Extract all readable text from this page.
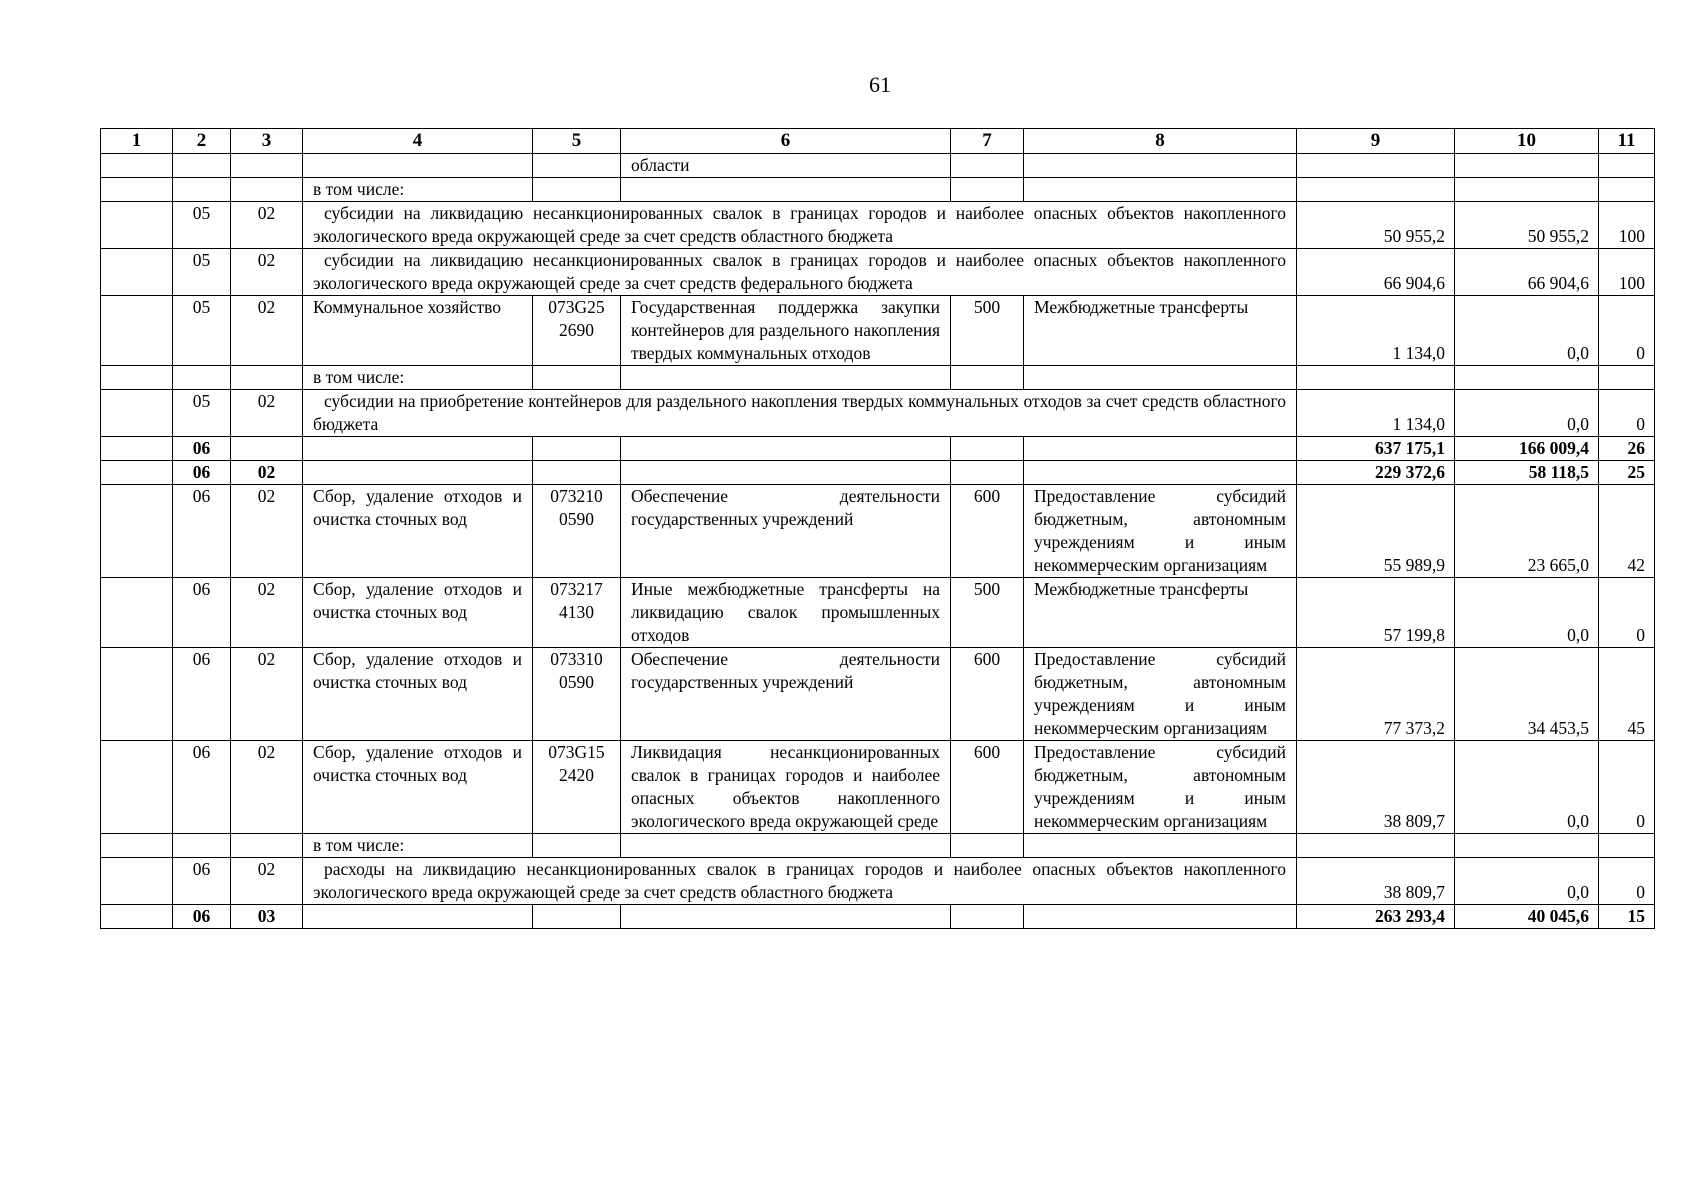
61
1	2	3	4	5	6	7	8	9	10	11
					области					
			в том числе:							
	05	02	субсидии на ликвидацию несанкционированных свалок в границах городов и наиболее опасных объектов накопленного экологического вреда окружающей среде за счет средств областного бюджета					50 955,2	50 955,2	100
	05	02	субсидии на ликвидацию несанкционированных свалок в границах городов и наиболее опасных объектов накопленного экологического вреда окружающей среде за счет средств федерального бюджета					66 904,6	66 904,6	100
	05	02	Коммунальное хозяйство	073G25 2690	Государственная поддержка закупки контейнеров для раздельного накопления твердых коммунальных отходов	500	Межбюджетные трансферты	1 134,0	0,0	0
			в том числе:							
	05	02	субсидии на приобретение контейнеров для раздельного накопления твердых коммунальных отходов за счет средств областного бюджета					1 134,0	0,0	0
	06							637 175,1	166 009,4	26
	06	02						229 372,6	58 118,5	25
	06	02	Сбор, удаление отходов и очистка сточных вод	073210 0590	Обеспечение деятельности государственных учреждений	600	Предоставление субсидий бюджетным, автономным учреждениям и иным некоммерческим организациям	55 989,9	23 665,0	42
	06	02	Сбор, удаление отходов и очистка сточных вод	073217 4130	Иные межбюджетные трансферты на ликвидацию свалок промышленных отходов	500	Межбюджетные трансферты	57 199,8	0,0	0
	06	02	Сбор, удаление отходов и очистка сточных вод	073310 0590	Обеспечение деятельности государственных учреждений	600	Предоставление субсидий бюджетным, автономным учреждениям и иным некоммерческим организациям	77 373,2	34 453,5	45
	06	02	Сбор, удаление отходов и очистка сточных вод	073G15 2420	Ликвидация несанкционированных свалок в границах городов и наиболее опасных объектов накопленного экологического вреда окружающей среде	600	Предоставление субсидий бюджетным, автономным учреждениям и иным некоммерческим организациям	38 809,7	0,0	0
			в том числе:							
	06	02	расходы на ликвидацию несанкционированных свалок в границах городов и наиболее опасных объектов накопленного экологического вреда окружающей среде за счет средств областного бюджета					38 809,7	0,0	0
	06	03						263 293,4	40 045,6	15
